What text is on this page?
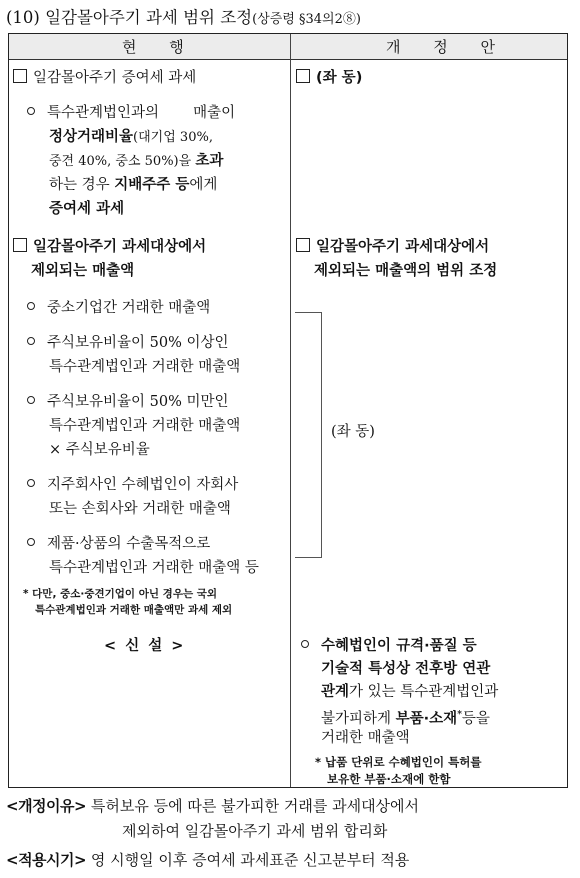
(10) 일감몰아주기 과세 범위 조정(상증령 §34의2⑧)
현 행	개 정 안
일감몰아주기 증여세 과세
특수관계법인과의 매출이
정상거래비율(대기업 30%,
중견 40%, 중소 50%)을 초과
하는 경우 지배주주 등에게
증여세 과세
일감몰아주기 과세대상에서
제외되는 매출액
중소기업간 거래한 매출액
주식보유비율이 50% 이상인
특수관계법인과 거래한 매출액
주식보유비율이 50% 미만인
특수관계법인과 거래한 매출액
× 주식보유비율
지주회사인 수혜법인이 자회사
또는 손회사와 거래한 매출액
제품·상품의 수출목적으로
특수관계법인과 거래한 매출액 등
* 다만, 중소·중견기업이 아닌 경우는 국외
특수관계법인과 거래한 매출액만 과세 제외
< 신 설 >
(좌 동)
일감몰아주기 과세대상에서
제외되는 매출액의 범위 조정
(좌 동)
수혜법인이 규격·품질 등
기술적 특성상 전후방 연관
관계가 있는 특수관계법인과
불가피하게 부품·소재*등을
거래한 매출액
* 납품 단위로 수혜법인이 특허를
보유한 부품·소재에 한함
<개정이유> 특허보유 등에 따른 불가피한 거래를 과세대상에서
제외하여 일감몰아주기 과세 범위 합리화
<적용시기> 영 시행일 이후 증여세 과세표준 신고분부터 적용
